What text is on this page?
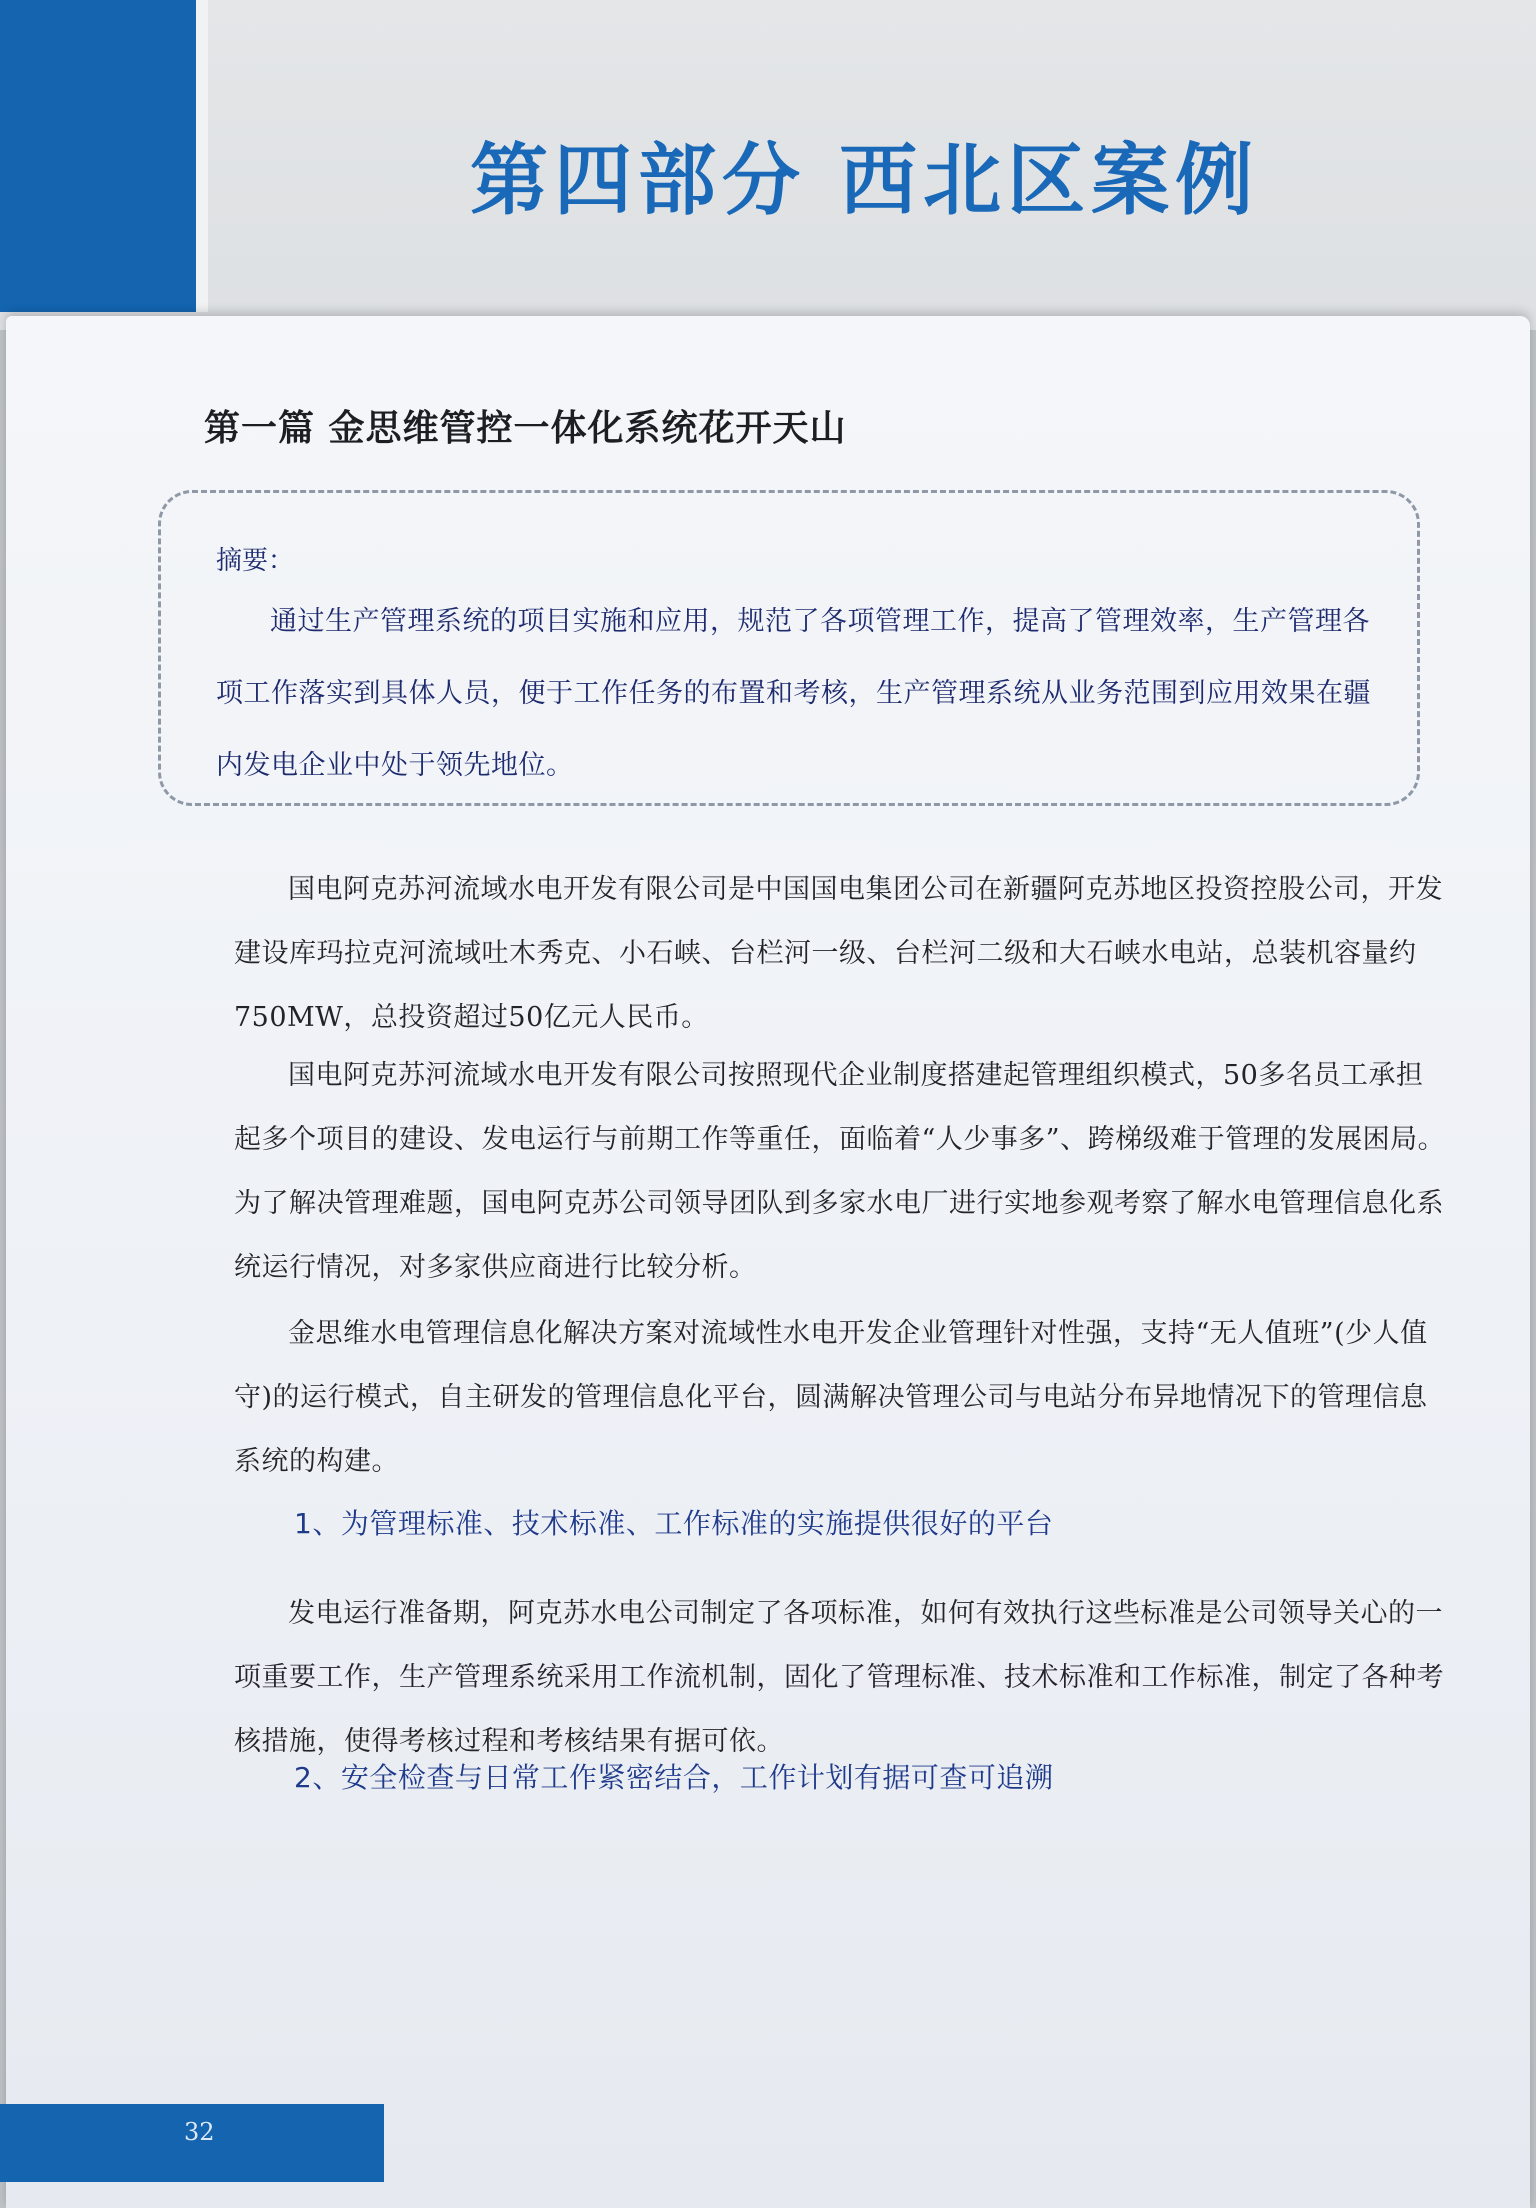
第四部分 西北区案例
第一篇 金思维管控一体化系统花开天山
摘要：
通过生产管理系统的项目实施和应用，规范了各项管理工作，提高了管理效率，生产管理各项工作落实到具体人员，便于工作任务的布置和考核，生产管理系统从业务范围到应用效果在疆内发电企业中处于领先地位。
国电阿克苏河流域水电开发有限公司是中国国电集团公司在新疆阿克苏地区投资控股公司，开发建设库玛拉克河流域吐木秀克、小石峡、台栏河一级、台栏河二级和大石峡水电站，总装机容量约750MW，总投资超过50亿元人民币。
国电阿克苏河流域水电开发有限公司按照现代企业制度搭建起管理组织模式，50多名员工承担起多个项目的建设、发电运行与前期工作等重任，面临着“人少事多”、跨梯级难于管理的发展困局。为了解决管理难题，国电阿克苏公司领导团队到多家水电厂进行实地参观考察了解水电管理信息化系统运行情况，对多家供应商进行比较分析。
金思维水电管理信息化解决方案对流域性水电开发企业管理针对性强，支持“无人值班”(少人值守)的运行模式，自主研发的管理信息化平台，圆满解决管理公司与电站分布异地情况下的管理信息系统的构建。
1、为管理标准、技术标准、工作标准的实施提供很好的平台
发电运行准备期，阿克苏水电公司制定了各项标准，如何有效执行这些标准是公司领导关心的一项重要工作，生产管理系统采用工作流机制，固化了管理标准、技术标准和工作标准，制定了各种考核措施，使得考核过程和考核结果有据可依。
2、安全检查与日常工作紧密结合，工作计划有据可查可追溯
32
